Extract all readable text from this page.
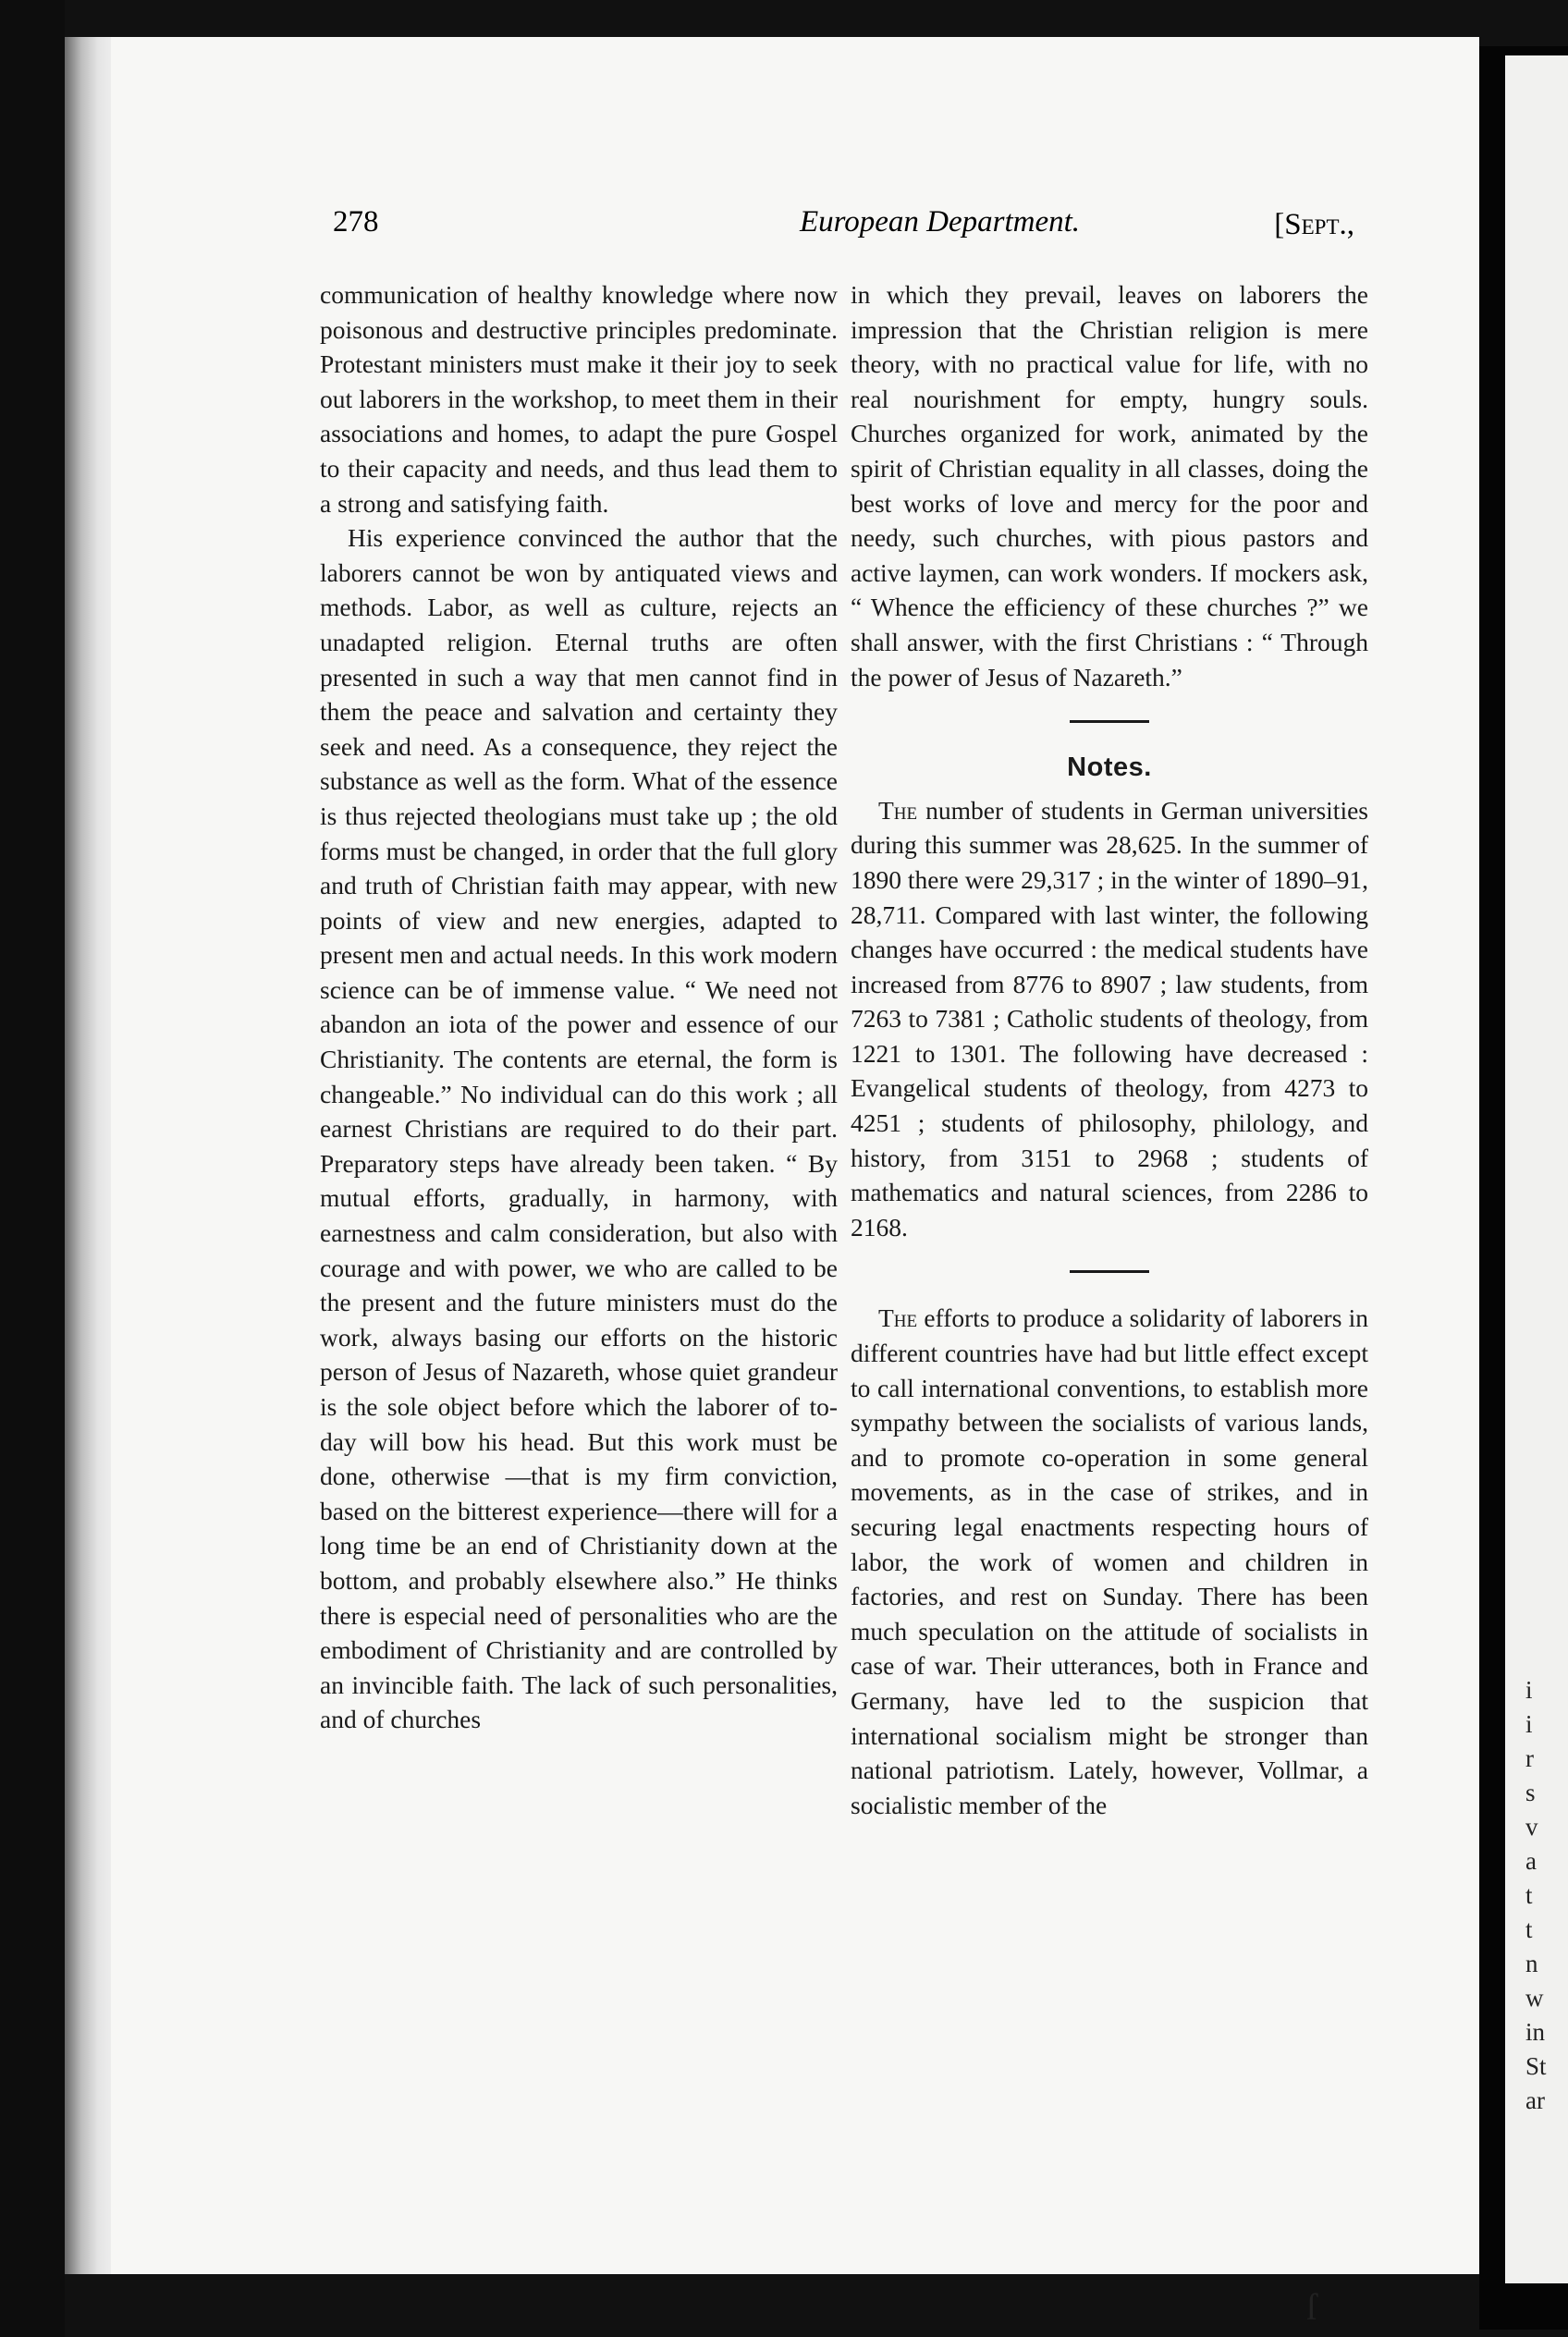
278	European Department.	[Sept.,

communication of healthy knowledge where now poisonous and destructive principles predominate. Protestant ministers must make it their joy to seek out laborers in the workshop, to meet them in their associations and homes, to adapt the pure Gospel to their capacity and needs, and thus lead them to a strong and satisfying faith.

His experience convinced the author that the laborers cannot be won by antiquated views and methods. Labor, as well as culture, rejects an unadapted religion. Eternal truths are often presented in such a way that men cannot find in them the peace and salvation and certainty they seek and need. As a consequence, they reject the substance as well as the form. What of the essence is thus rejected theologians must take up ; the old forms must be changed, in order that the full glory and truth of Christian faith may appear, with new points of view and new energies, adapted to present men and actual needs. In this work modern science can be of immense value. “ We need not abandon an iota of the power and essence of our Christianity. The contents are eternal, the form is changeable.” No individual can do this work ; all earnest Christians are required to do their part. Preparatory steps have already been taken. “ By mutual efforts, gradually, in harmony, with earnestness and calm consideration, but also with courage and with power, we who are called to be the present and the future ministers must do the work, always basing our efforts on the historic person of Jesus of Nazareth, whose quiet grandeur is the sole object before which the laborer of to-day will bow his head. But this work must be done, otherwise —that is my firm conviction, based on the bitterest experience—there will for a long time be an end of Christianity down at the bottom, and probably elsewhere also.” He thinks there is especial need of personalities who are the embodiment of Christianity and are controlled by an invincible faith. The lack of such personalities, and of churches

in which they prevail, leaves on laborers the impression that the Christian religion is mere theory, with no practical value for life, with no real nourishment for empty, hungry souls. Churches organized for work, animated by the spirit of Christian equality in all classes, doing the best works of love and mercy for the poor and needy, such churches, with pious pastors and active laymen, can work wonders. If mockers ask, “ Whence the efficiency of these churches ?” we shall answer, with the first Christians : “ Through the power of Jesus of Nazareth.”

Notes.

The number of students in German universities during this summer was 28,625. In the summer of 1890 there were 29,317 ; in the winter of 1890–91, 28,711. Compared with last winter, the following changes have occurred : the medical students have increased from 8776 to 8907 ; law students, from 7263 to 7381 ; Catholic students of theology, from 1221 to 1301. The following have decreased : Evangelical students of theology, from 4273 to 4251 ; students of philosophy, philology, and history, from 3151 to 2968 ; students of mathematics and natural sciences, from 2286 to 2168.

The efforts to produce a solidarity of laborers in different countries have had but little effect except to call international conventions, to establish more sympathy between the socialists of various lands, and to promote co-operation in some general movements, as in the case of strikes, and in securing legal enactments respecting hours of labor, the work of women and children in factories, and rest on Sunday. There has been much speculation on the attitude of socialists in case of war. Their utterances, both in France and Germany, have led to the suspicion that international socialism might be stronger than national patriotism. Lately, however, Vollmar, a socialistic member of the

i
i
r
s
v
a
t
t
n
w
in
St
ar
ſ
